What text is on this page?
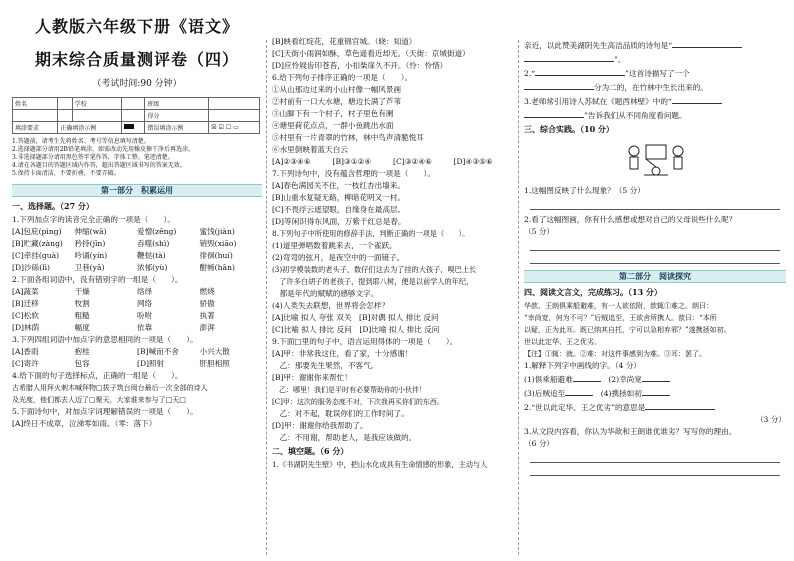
人教版六年级下册《语文》
期末综合质量测评卷（四）
（考试时间:90 分钟）
姓名		学校		班级	
				得分	
填涂要求	正确填涂示例			错误填涂示例	☒ ☑ ☐ ▭
1.答题前，请考生先将姓名、考号等信息填写清楚。
2.选择题部分请用2B铅笔填涂，如需改动先用橡皮擦干净后再选涂。
3.非选择题部分请用黑色签字笔作答，字体工整、笔迹清楚。
4.请在各题目的答题区域内作答，超出答题区域书写的答案无效。
5.保持卡面清洁，不要折叠，不要弄破。
第一部分　积累运用
一、选择题。（27 分）
1.下列加点字的读音完全正确的一项是（　　）。
[A]包庇(pìng)	伸缩(wā)	爱憎(zēng)	蜜饯(jiàn)
[B]贮藏(zàng)	矜持(jīn)	吞噬(shì)	销毁(xiāo)
[C]牵挂(guà)	吟诵(yín)	鞭挞(tà)	徘徊(huí)
[D]沙砾(lì)	卫巷(yǎ)	浓郁(yù)	酣畅(hān)
2.下面各组词语中，没有错别字的一组是（　　）。
[A]蔬菜	干燥	络绎	燃烧
[B]迁移	牧割	网络	骄傲
[C]松软	粗糙	吩咐	执著
[D]林荫	幅度	依靠	澎湃
3.下列四组词语中加点字的意思相同的一项是（　　）。
[A]香雨	抱桂	[B]喊而不舍	小兴大散
[C]寄许	包容	[D]照射	肝胆相照
4.给下面的句子选择标点，正确的一组是（　　）。
古希腊人用拜火刺木喊拜物□拔子筑台阅台最后一次全部的诗人
及光度，他们都去人迈了□聚天，大家谁来参与了□天□
5.下面诗句中，对加点字词理解错误的一项是（　　）。
[A]终日不成章，泣涕零如雨。（零：落下）
[B]映看红绽花，花重锦官城。（晓：知道）
[C]天街小雨润如酥，草色遥看近却无。（天街：京城街道）
[D]应怜屐齿印苍苔，小扣柴扉久不开。（怜：怜惜）
6.给下列句子排序正确的一项是（　　）。
①从山那边过来的小山村像一幅风景画
②村前有一口大水塘，塘边长满了芦苇
③山脚下有一个村子，村子里色有阑
④塘里荷花点点，一群小鱼跳出水面
⑤村里有一片青翠的竹林，林中鸟声清脆悦耳
⑥水里倒映着蓝天白云
[A]②③④⑥	[B]③①②④	[C]③②④⑥	[D]④③⑤⑥
7.下列诗句中，没有蕴含哲理的一项是（　　）。
[A]春色满园关不住，一枝红杏出墙来。
[B]山重水复疑无路，柳暗花明又一村。
[C]不畏浮云遮望眼，自缘身在最高层。
[D]等闲识得东风面，万紫千红总是春。
8.下列句子中所使用的修辞手法，判断正确的一项是（　　）。
(1)道里弹唱数着跳来去，一个雀跃。
(2)弯弯的弦月，是夜空中的一面镜子。
(3)初学模装数的老头子，数仔们这去为了挂的大孩子，嗅巴上长
　了许多白胡子的老孩子，提到耶八树，便是以前学人的年纪，
　都是年代的赋赋的感够文字。
(4)人类失去联想，世界将会怎样？
[A]比喻 拟人 夸张 双关　 [B]对偶 拟人 排比 反问
[C]比喻 拟人 排比 反问　 [D]比喻 拟人 排比 反问
9.下面□里的句子中，语言运用得体的一项是（　　）。
[A]甲：非常我这住，看了家，十分感谢！
　乙：那要先生果然，不客气。
[B]甲：谢谢你来帮忙！
　乙：哪里！我们是平时有必要帮助你的小伙伴！
[C]甲：这次的服务态度不对，下次我再买你们的东西。
　乙：对不起，耽误你们的工作时间了。
[D]甲：谢谢你给我帮助了。
　乙：不用谢，帮助老人，是我应该做的。
二、填空题。（6 分）
1.《书湖阴先生壁》中，把山水化成具有生命情感的形象，主动与人
亲近，以此赞美湖阴先生高洁品质的诗句是“
”。
2.“	”这首诗描写了一个
分为二的，在竹林中生长出来的。
3.老师常引用诗人苏轼在《题西林壁》中的“
”告诉我们从不同角度看问题。
三、综合实践。（10 分）
1.这幅图反映了什么现象？（5 分）
2.看了这幅图画，你有什么感想或想对自己的父母说些什么呢？
（5 分）
第二部分　阅读探究
四、阅读文言文，完成练习。（13 分）
华歆、王朗俱乘船避难，有一人欲依附，歆辄①难之。朗曰：
“幸尚宽，何为不可？”后贼追至，王欲舍所携人。歆曰：“本所
以疑，正为此耳。既已纳其自托，宁可以急相弃邪？”遂携拯如初。
世以此定华、王之优劣。
【注】①辄：就。②难：对这件事感到为难。③耳：罢了。
1.解释下列字中画线的字。（4 分）
(1)俱乘船避难　	(2)幸尚宽
(3)后贼追至　	(4)携拯如初
2.“世以此定华、王之优劣”的意思是
（3 分）
3.从文段内容看，你认为华歆和王朗谁优谁劣？写写你的理由。
（6 分）
